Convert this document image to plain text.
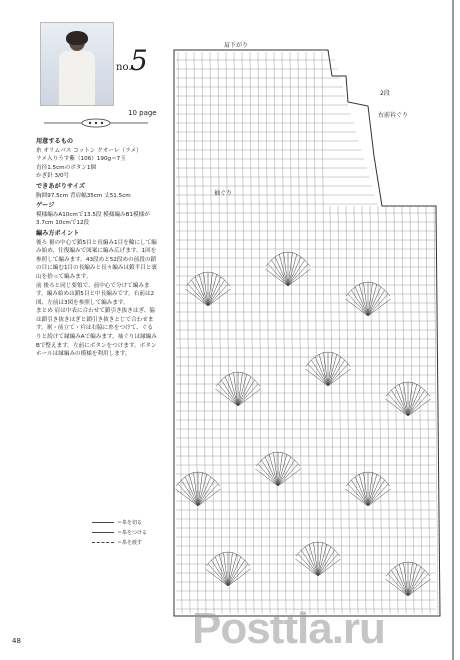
no.
5
10 page
用意するもの
糸 オリムパス コットン クオーレ（ラメ）
ラメ入りうす紫（106）190g＝7玉
直径1.5cmのボタン1個
かぎ針 3/0号
できあがりサイズ
胸囲97.5cm 背肩幅35cm 丈51.5cm
ゲージ
模様編みA10cmで13.5段 模様編みB1模様が3.7cm 10cmで12段
編み方ポイント
後ろ 裾の中心で鎖5目と長編み1目を輪にして編み始め、往復編みで図案に編み広げます。1回を参照して編みます。43段めと52段めの前段の鎖の目に編む1目の長編みと長々編みは鎖半目と裏山を拾って編みます。
前 後ろと同じ要領で、前中心で分けて編みます。編み始めは鎖5目と中長編みです。右前は2図、左前は3図を参照して編みます。
まとめ 肩は中表に合わせて鎖引き抜きはぎ、脇は鎖引き抜きはぎと鎖引き抜きとじで合わせます。裾・前立て・衿は右脇に糸をつけて、ぐるりと続けて縁編みAで編みます。袖ぐりは縁編みBで整えます。左前にボタンをつけます。ボタンホールは縁編みの模様を利用します。
＝糸を切る
＝糸をつける
＝糸を渡す
肩下がり
2段
右前衿ぐり
袖ぐり
Posttla.ru
48
